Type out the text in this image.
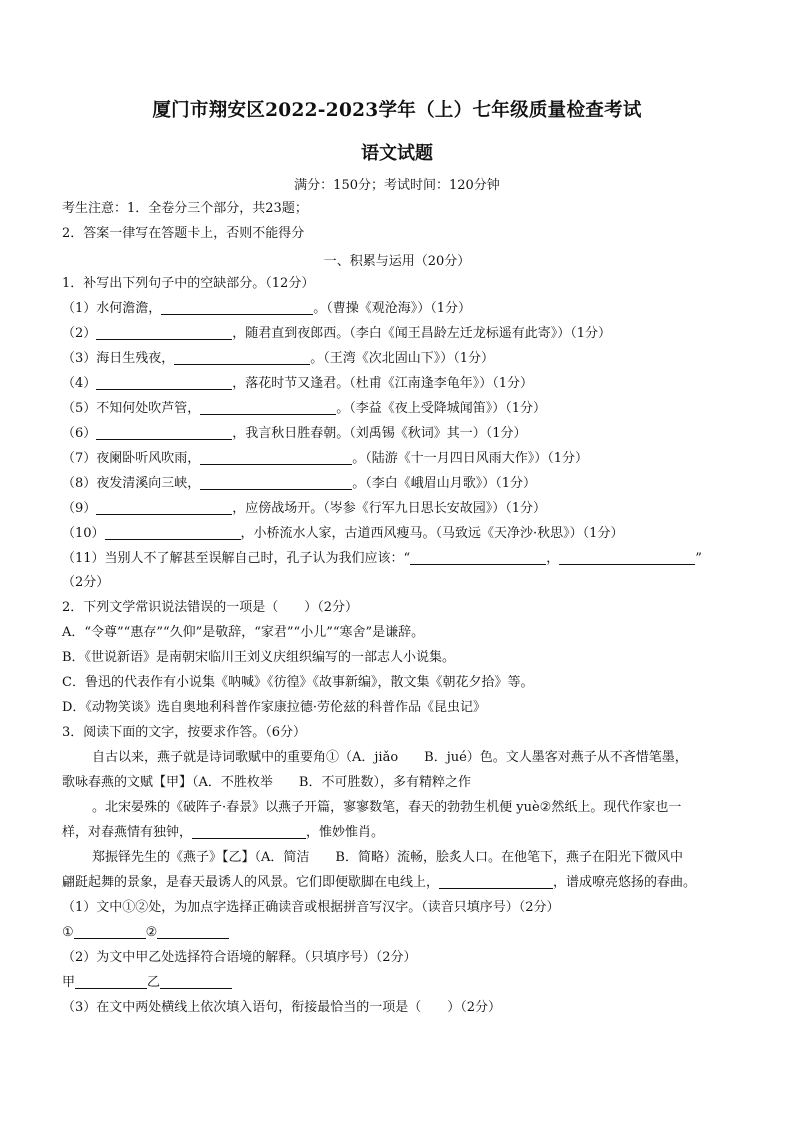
厦门市翔安区2022-2023学年（上）七年级质量检查考试
语文试题
满分：150分；考试时间：120分钟
考生注意：1．全卷分三个部分，共23题；
2．答案一律写在答题卡上，否则不能得分
一、积累与运用（20分）
1．补写出下列句子中的空缺部分。（12分）
（1）水何澹澹，	。（曹操《观沧海》）（1分）
（2）	，随君直到夜郎西。（李白《闻王昌龄左迁龙标遥有此寄》）（1分）
（3）海日生残夜，	。（王湾《次北固山下》）（1分）
（4）	，落花时节又逢君。（杜甫《江南逢李龟年》）（1分）
（5）不知何处吹芦管，	。（李益《夜上受降城闻笛》）（1分）
（6）	，我言秋日胜春朝。（刘禹锡《秋词》其一）（1分）
（7）夜阑卧听风吹雨，	。（陆游《十一月四日风雨大作》）（1分）
（8）夜发清溪向三峡，	。（李白《峨眉山月歌》）（1分）
（9）	，应傍战场开。（岑参《行军九日思长安故园》）（1分）
（10）	，小桥流水人家，古道西风瘦马。（马致远《天净沙·秋思》）（1分）
（11）当别人不了解甚至误解自己时，孔子认为我们应该：“	，	”
（2分）
2．下列文学常识说法错误的一项是（　　）（2分）
A．“令尊”“惠存”“久仰”是敬辞，“家君”“小儿”“寒舍”是谦辞。
B．《世说新语》是南朝宋临川王刘义庆组织编写的一部志人小说集。
C．鲁迅的代表作有小说集《呐喊》《彷徨》《故事新编》，散文集《朝花夕拾》等。
D．《动物笑谈》选自奥地利科普作家康拉德·劳伦兹的科普作品《昆虫记》
3．阅读下面的文字，按要求作答。（6分）
自古以来，燕子就是诗词歌赋中的重要角①（A．jiǎo　　B．jué）色。文人墨客对燕子从不吝惜笔墨，
歌咏春燕的文赋【甲】（A．不胜枚举　　B．不可胜数），多有精粹之作
。北宋晏殊的《破阵子·春景》以燕子开篇，寥寥数笔，春天的勃勃生机便 yuè②然纸上。现代作家也一
样，对春燕情有独钟，	，惟妙惟肖。
郑振铎先生的《燕子》【乙】（A．简洁　　B．简略）流畅，脍炙人口。在他笔下，燕子在阳光下微风中
翩跹起舞的景象，是春天最诱人的风景。它们即便歇脚在电线上，	，谱成嘹亮悠扬的春曲。
（1）文中①②处，为加点字选择正确读音或根据拼音写汉字。（读音只填序号）（2分）
①	②
（2）为文中甲乙处选择符合语境的解释。（只填序号）（2分）
甲	乙
（3）在文中两处横线上依次填入语句，衔接最恰当的一项是（　　）（2分）
